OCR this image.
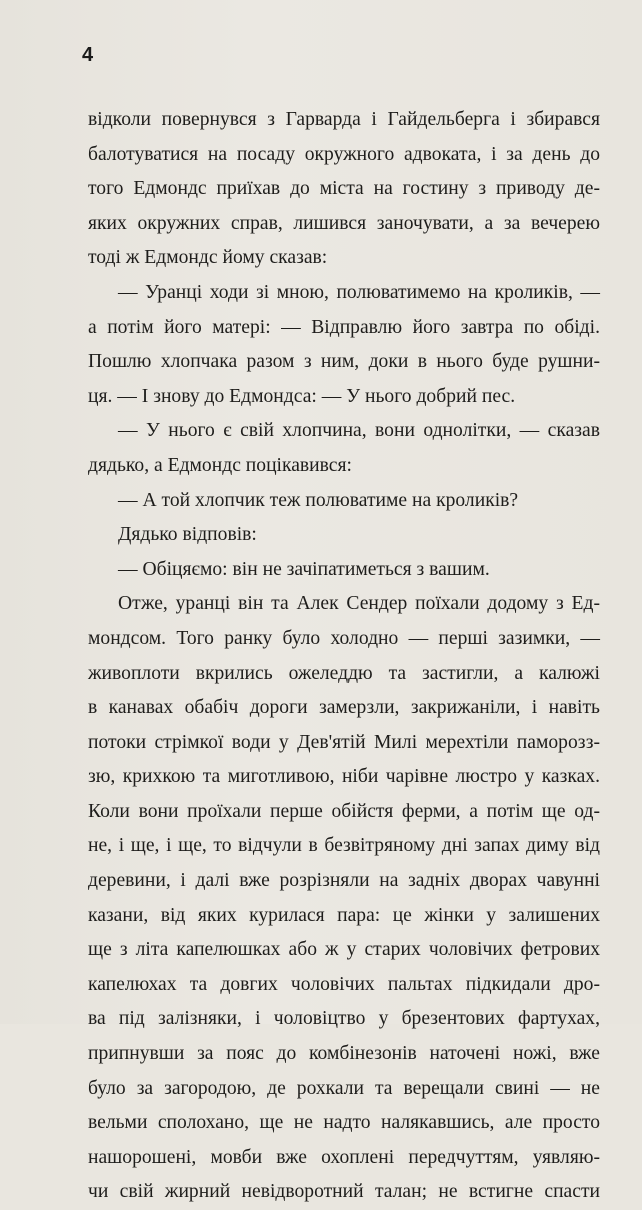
4
відколи повернувся з Гарварда і Гайдельберга і збирався
балотуватися на посаду окружного адвоката, і за день до
того Едмондс приїхав до міста на гостину з приводу де-
яких окружних справ, лишився заночувати, а за вечерею
тоді ж Едмондс йому сказав:
— Уранці ходи зі мною, полюватимемо на кроликів, —
а потім його матері: — Відправлю його завтра по обіді.
Пошлю хлопчака разом з ним, доки в нього буде рушни-
ця. — І знову до Едмондса: — У нього добрий пес.
— У нього є свій хлопчина, вони однолітки, — сказав
дядько, а Едмондс поцікавився:
— А той хлопчик теж полюватиме на кроликів?
Дядько відповів:
— Обіцяємо: він не зачіпатиметься з вашим.
Отже, уранці він та Алек Сендер поїхали додому з Ед-
мондсом. Того ранку було холодно — перші зазимки, —
живоплоти вкрились ожеледдю та застигли, а калюжі
в канавах обабіч дороги замерзли, закрижаніли, і навіть
потоки стрімкої води у Дев'ятій Милі мерехтіли паморозз-
зю, крихкою та миготливою, ніби чарівне люстро у казках.
Коли вони проїхали перше обійстя ферми, а потім ще од-
не, і ще, і ще, то відчули в безвітряному дні запах диму від
деревини, і далі вже розрізняли на задніх дворах чавунні
казани, від яких курилася пара: це жінки у залишених
ще з літа капелюшках або ж у старих чоловічих фетрових
капелюхах та довгих чоловічих пальтах підкидали дро-
ва під залізняки, і чоловіцтво у брезентових фартухах,
припнувши за пояс до комбінезонів наточені ножі, вже
було за загородою, де рохкали та верещали свині — не
вельми сполохано, ще не надто налякавшись, але просто
нашорошені, мовби вже охоплені передчуттям, уявляю-
чи свій жирний невідворотний талан; не встигне спасти
